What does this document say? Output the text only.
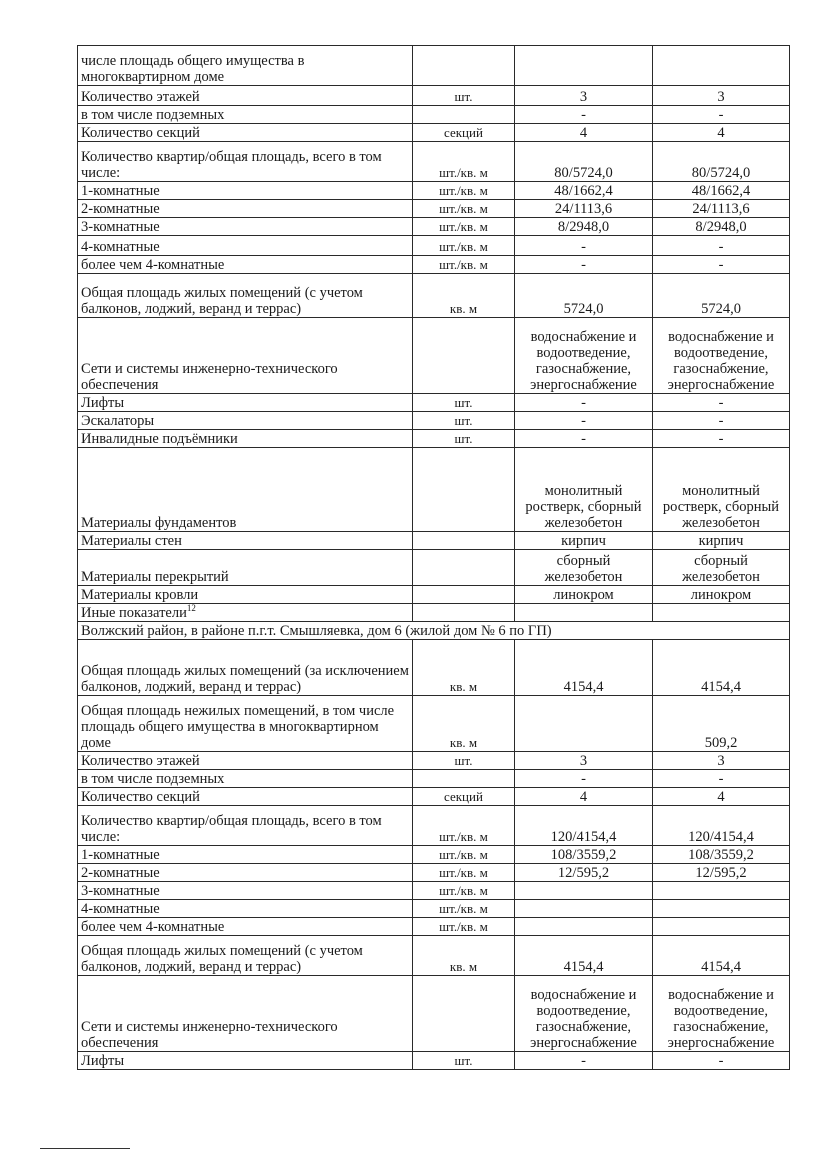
числе площадь общего имущества в многоквартирном доме			
Количество этажей	шт.	3	3
в том числе подземных		-	-
Количество секций	секций	4	4
Количество квартир/общая площадь, всего в том числе:	шт./кв. м	80/5724,0	80/5724,0
1-комнатные	шт./кв. м	48/1662,4	48/1662,4
2-комнатные	шт./кв. м	24/1113,6	24/1113,6
3-комнатные	шт./кв. м	8/2948,0	8/2948,0
4-комнатные	шт./кв. м	-	-
более чем 4-комнатные	шт./кв. м	-	-
Общая площадь жилых помещений (с учетом балконов, лоджий, веранд и террас)	кв. м	5724,0	5724,0
Сети и системы инженерно-технического обеспечения		водоснабжение и водоотведение, газоснабжение, энергоснабжение	водоснабжение и водоотведение, газоснабжение, энергоснабжение
Лифты	шт.	-	-
Эскалаторы	шт.	-	-
Инвалидные подъёмники	шт.	-	-
Материалы фундаментов		монолитный ростверк, сборный железобетон	монолитный ростверк, сборный железобетон
Материалы стен		кирпич	кирпич
Материалы перекрытий		сборный железобетон	сборный железобетон
Материалы кровли		линокром	линокром
Иные показатели$^{12}$			
Волжский район, в районе п.г.т. Смышляевка, дом 6 (жилой дом № 6 по ГП)			
Общая площадь жилых помещений (за исключением балконов, лоджий, веранд и террас)	кв. м	4154,4	4154,4
Общая площадь нежилых помещений, в том числе площадь общего имущества в многоквартирном доме	кв. м		509,2
Количество этажей	шт.	3	3
в том числе подземных		-	-
Количество секций	секций	4	4
Количество квартир/общая площадь, всего в том числе:	шт./кв. м	120/4154,4	120/4154,4
1-комнатные	шт./кв. м	108/3559,2	108/3559,2
2-комнатные	шт./кв. м	12/595,2	12/595,2
3-комнатные	шт./кв. м		
4-комнатные	шт./кв. м		
более чем 4-комнатные	шт./кв. м		
Общая площадь жилых помещений (с учетом балконов, лоджий, веранд и террас)	кв. м	4154,4	4154,4
Сети и системы инженерно-технического обеспечения		водоснабжение и водоотведение, газоснабжение, энергоснабжение	водоснабжение и водоотведение, газоснабжение, энергоснабжение
Лифты	шт.	-	-
